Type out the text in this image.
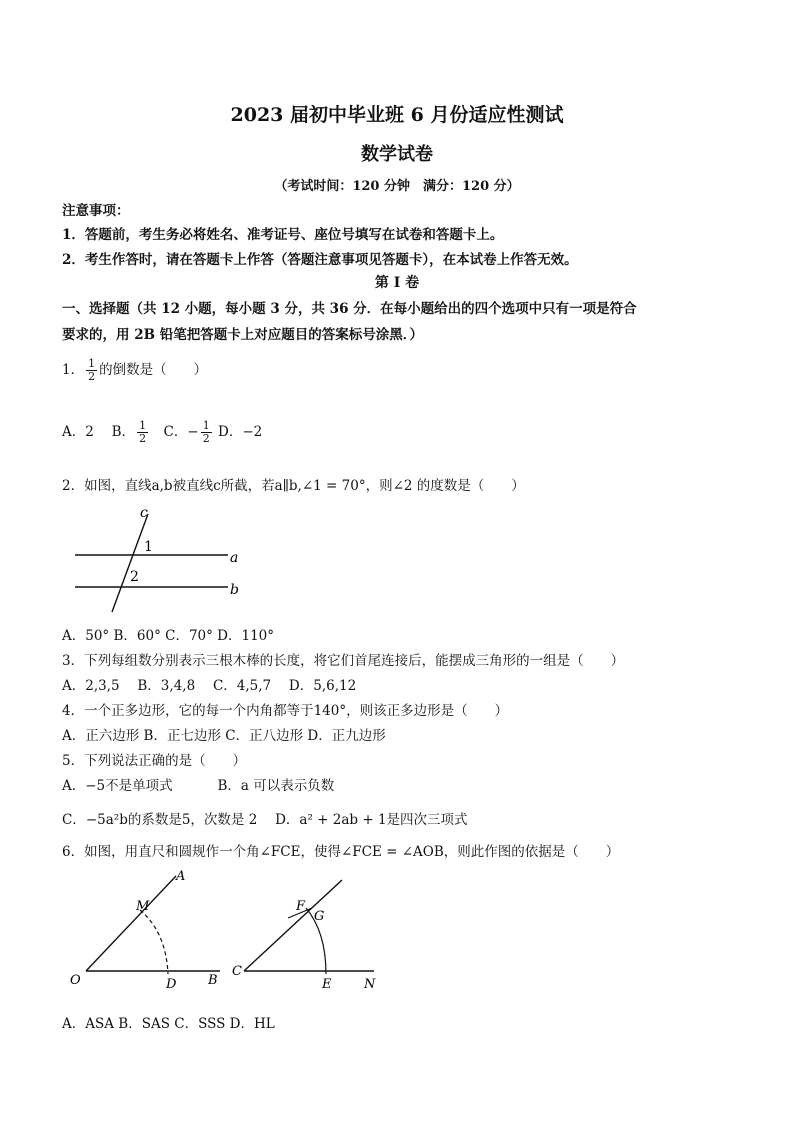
2023 届初中毕业班 6 月份适应性测试
数学试卷
（考试时间：120 分钟　满分：120 分）
注意事项：
1．答题前，考生务必将姓名、准考证号、座位号填写在试卷和答题卡上。
2．考生作答时，请在答题卡上作答（答题注意事项见答题卡），在本试卷上作答无效。
第 I 卷
一、选择题（共 12 小题，每小题 3 分，共 36 分．在每小题给出的四个选项中只有一项是符合
要求的，用 2B 铅笔把答题卡上对应题目的答案标号涂黑．）
1． $\frac{1}{2}$ 的倒数是（　　）
A．2　 B． $\frac{1}{2}$ 　C．− $\frac{1}{2}$ D．−2
2．如图，直线a,b被直线c所截，若a∥b,∠1 = 70°，则∠2 的度数是（　　）
c
1
2
a
b
A．50° B．60° C．70° D．110°
3．下列每组数分别表示三根木棒的长度，将它们首尾连接后，能摆成三角形的一组是（　　）
A．2,3,5　 B．3,4,8　 C．4,5,7　 D．5,6,12
4．一个正多边形，它的每一个内角都等于140°，则该正多边形是（　　）
A．正六边形 B．正七边形 C．正八边形 D．正九边形
5．下列说法正确的是（　　）
A．−5不是单项式　　　 B．a 可以表示负数
C．−5a²b的系数是5，次数是 2　 D．a² + 2ab + 1是四次三项式
6．如图，用直尺和圆规作一个角∠FCE，使得∠FCE = ∠AOB，则此作图的依据是（　　）
A
M
O	D B
F
G
C
E	N
A．ASA B．SAS C．SSS D．HL
